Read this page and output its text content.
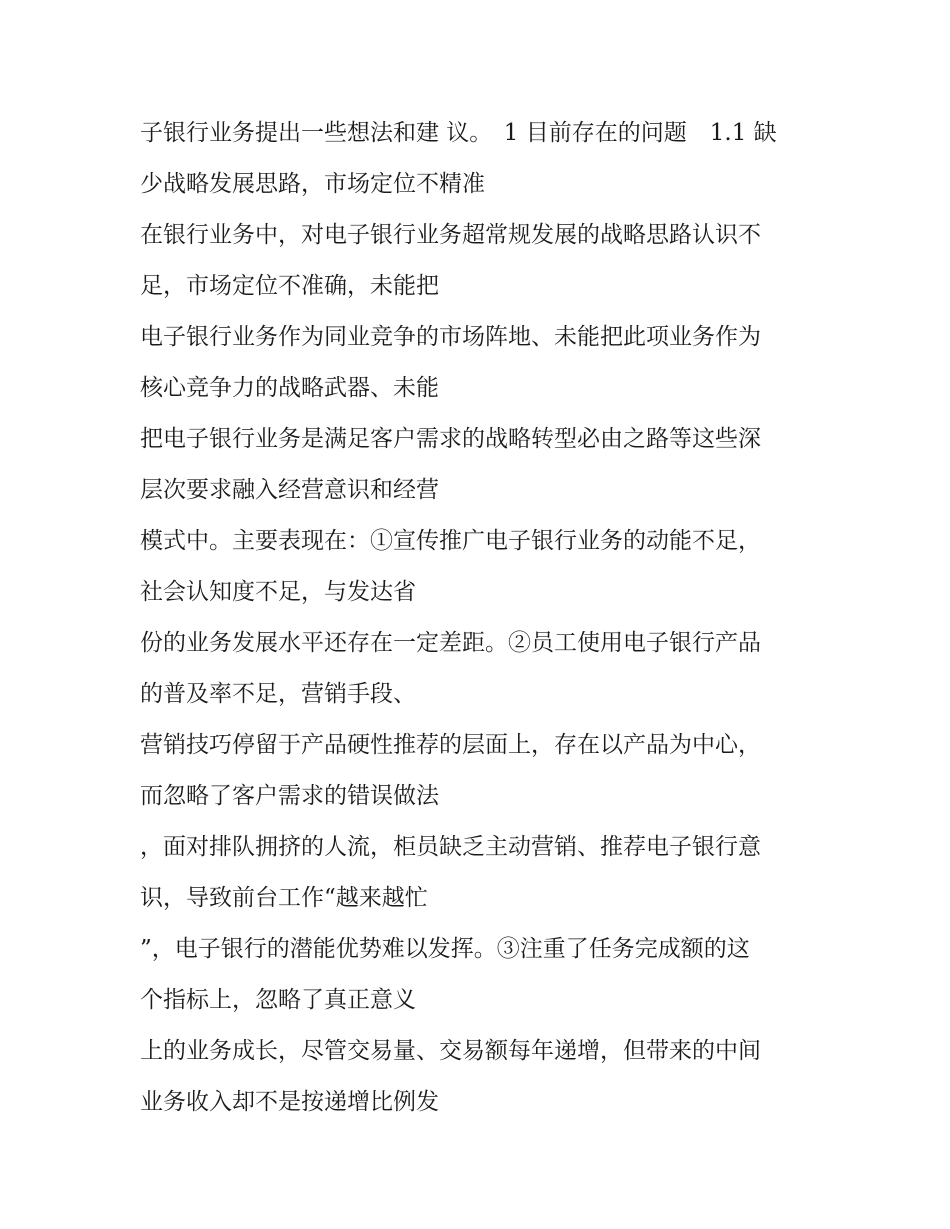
子银行业务提出一些想法和建 议。　1 目前存在的问题　1.1 缺
少战略发展思路，市场定位不精准
在银行业务中，对电子银行业务超常规发展的战略思路认识不
足，市场定位不准确，未能把
电子银行业务作为同业竞争的市场阵地、未能把此项业务作为
核心竞争力的战略武器、未能
把电子银行业务是满足客户需求的战略转型必由之路等这些深
层次要求融入经营意识和经营
模式中。主要表现在：①宣传推广电子银行业务的动能不足，
社会认知度不足，与发达省
份的业务发展水平还存在一定差距。②员工使用电子银行产品
的普及率不足，营销手段、
营销技巧停留于产品硬性推荐的层面上，存在以产品为中心，
而忽略了客户需求的错误做法
，面对排队拥挤的人流，柜员缺乏主动营销、推荐电子银行意
识，导致前台工作“越来越忙
”，电子银行的潜能优势难以发挥。③注重了任务完成额的这
个指标上，忽略了真正意义
上的业务成长，尽管交易量、交易额每年递增，但带来的中间
业务收入却不是按递增比例发
